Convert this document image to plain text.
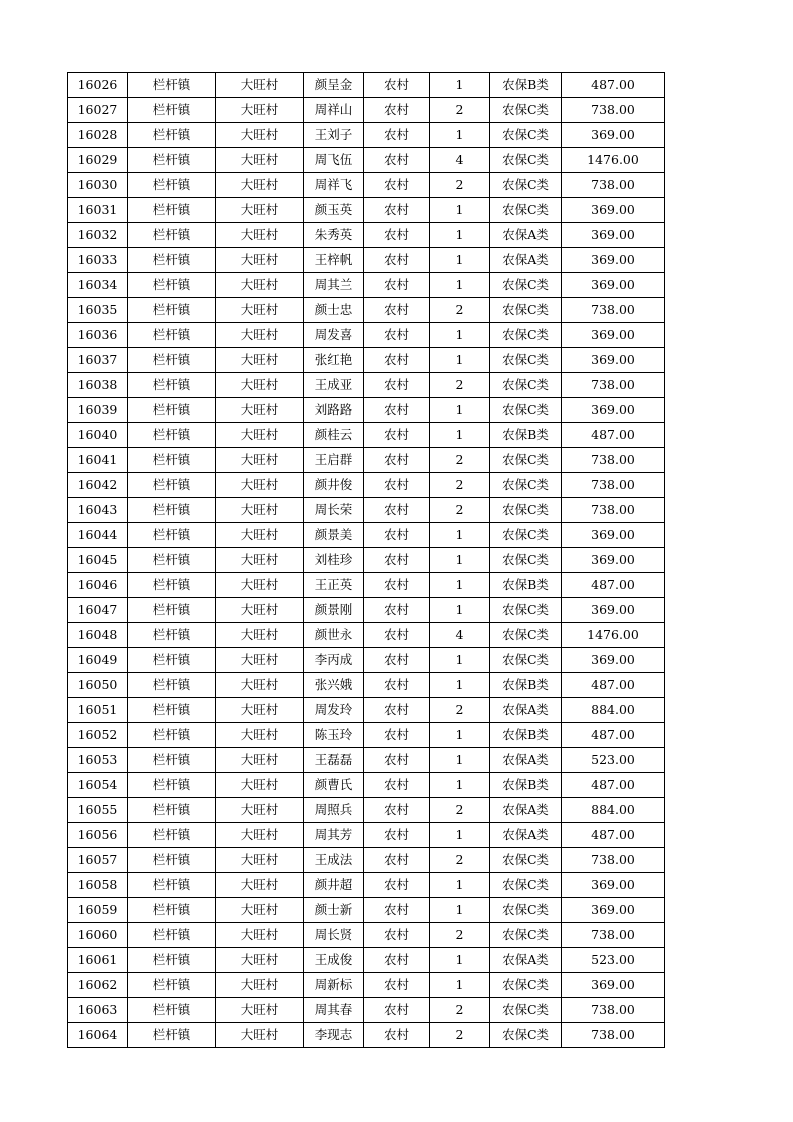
16026	栏杆镇	大旺村	颜呈金	农村	1	农保B类	487.00
16027	栏杆镇	大旺村	周祥山	农村	2	农保C类	738.00
16028	栏杆镇	大旺村	王刘子	农村	1	农保C类	369.00
16029	栏杆镇	大旺村	周飞伍	农村	4	农保C类	1476.00
16030	栏杆镇	大旺村	周祥飞	农村	2	农保C类	738.00
16031	栏杆镇	大旺村	颜玉英	农村	1	农保C类	369.00
16032	栏杆镇	大旺村	朱秀英	农村	1	农保A类	369.00
16033	栏杆镇	大旺村	王梓帆	农村	1	农保A类	369.00
16034	栏杆镇	大旺村	周其兰	农村	1	农保C类	369.00
16035	栏杆镇	大旺村	颜士忠	农村	2	农保C类	738.00
16036	栏杆镇	大旺村	周发喜	农村	1	农保C类	369.00
16037	栏杆镇	大旺村	张红艳	农村	1	农保C类	369.00
16038	栏杆镇	大旺村	王成亚	农村	2	农保C类	738.00
16039	栏杆镇	大旺村	刘路路	农村	1	农保C类	369.00
16040	栏杆镇	大旺村	颜桂云	农村	1	农保B类	487.00
16041	栏杆镇	大旺村	王启群	农村	2	农保C类	738.00
16042	栏杆镇	大旺村	颜井俊	农村	2	农保C类	738.00
16043	栏杆镇	大旺村	周长荣	农村	2	农保C类	738.00
16044	栏杆镇	大旺村	颜景美	农村	1	农保C类	369.00
16045	栏杆镇	大旺村	刘桂珍	农村	1	农保C类	369.00
16046	栏杆镇	大旺村	王正英	农村	1	农保B类	487.00
16047	栏杆镇	大旺村	颜景刚	农村	1	农保C类	369.00
16048	栏杆镇	大旺村	颜世永	农村	4	农保C类	1476.00
16049	栏杆镇	大旺村	李丙成	农村	1	农保C类	369.00
16050	栏杆镇	大旺村	张兴娥	农村	1	农保B类	487.00
16051	栏杆镇	大旺村	周发玲	农村	2	农保A类	884.00
16052	栏杆镇	大旺村	陈玉玲	农村	1	农保B类	487.00
16053	栏杆镇	大旺村	王磊磊	农村	1	农保A类	523.00
16054	栏杆镇	大旺村	颜曹氏	农村	1	农保B类	487.00
16055	栏杆镇	大旺村	周照兵	农村	2	农保A类	884.00
16056	栏杆镇	大旺村	周其芳	农村	1	农保A类	487.00
16057	栏杆镇	大旺村	王成法	农村	2	农保C类	738.00
16058	栏杆镇	大旺村	颜井超	农村	1	农保C类	369.00
16059	栏杆镇	大旺村	颜士新	农村	1	农保C类	369.00
16060	栏杆镇	大旺村	周长贤	农村	2	农保C类	738.00
16061	栏杆镇	大旺村	王成俊	农村	1	农保A类	523.00
16062	栏杆镇	大旺村	周新标	农村	1	农保C类	369.00
16063	栏杆镇	大旺村	周其春	农村	2	农保C类	738.00
16064	栏杆镇	大旺村	李现志	农村	2	农保C类	738.00
